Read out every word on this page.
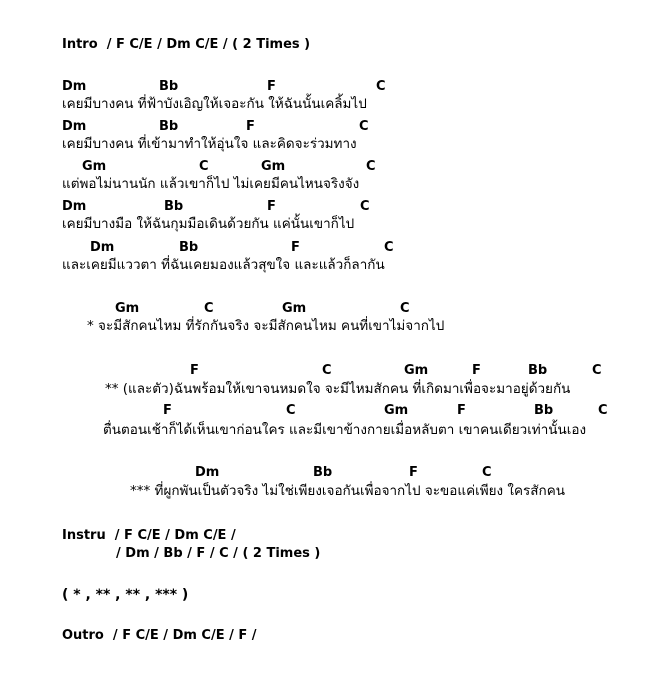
Intro  / F C/E / Dm C/E / ( 2 Times )
Dm	Bb	F	C
เคยมีบางคน ที่ฟ้าบังเอิญให้เจอะกัน ให้ฉันนั้นเคลิ้มไป
Dm	Bb	F	C
เคยมีบางคน ที่เข้ามาทำให้อุ่นใจ และคิดจะร่วมทาง
Gm	C	Gm	C
แต่พอไม่นานนัก แล้วเขาก็ไป ไม่เคยมีคนไหนจริงจัง
Dm	Bb	F	C
เคยมีบางมือ ให้ฉันกุมมือเดินด้วยกัน แค่นั้นเขาก็ไป
Dm	Bb	F	C
และเคยมีแววตา ที่ฉันเคยมองแล้วสุขใจ และแล้วก็ลากัน
Gm	C	Gm	C
* จะมีสักคนไหม ที่รักกันจริง จะมีสักคนไหม คนที่เขาไม่จากไป
F	C	Gm	F	Bb	C
** (และตัว)ฉันพร้อมให้เขาจนหมดใจ จะมีไหมสักคน ที่เกิดมาเพื่อจะมาอยู่ด้วยกัน
F	C	Gm	F	Bb	C
ตื่นตอนเช้าก็ได้เห็นเขาก่อนใคร และมีเขาข้างกายเมื่อหลับตา เขาคนเดียวเท่านั้นเอง
Dm	Bb	F	C
*** ที่ผูกพันเป็นตัวจริง ไม่ใช่เพียงเจอกันเพื่อจากไป จะขอแค่เพียง ใครสักคน
Instru  / F C/E / Dm C/E /
/ Dm / Bb / F / C / ( 2 Times )
( * , ** , ** , *** )
Outro  / F C/E / Dm C/E / F /
